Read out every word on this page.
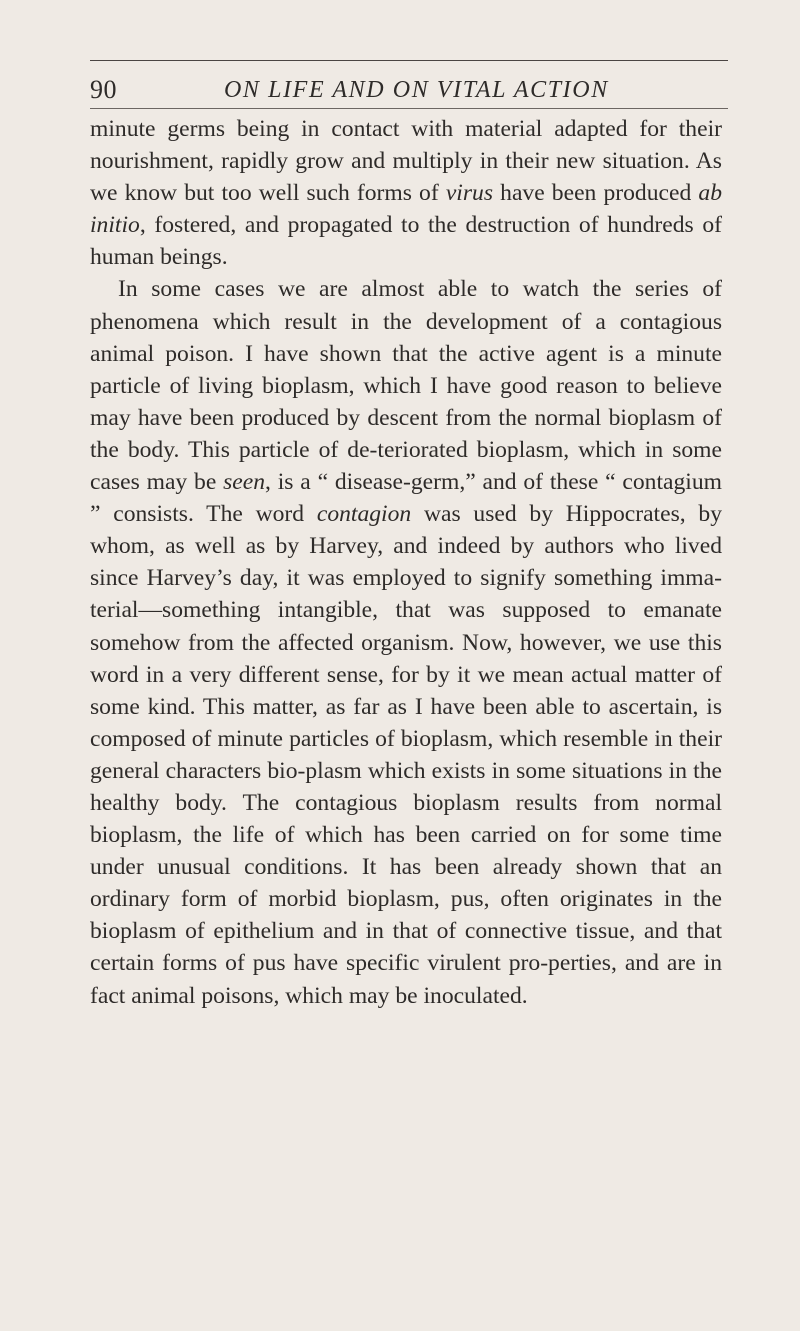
90	ON LIFE AND ON VITAL ACTION

minute germs being in contact with material adapted for their nourishment, rapidly grow and multiply in their new situation. As we know but too well such forms of virus have been produced ab initio, fostered, and propagated to the destruction of hundreds of human beings.

In some cases we are almost able to watch the series of phenomena which result in the development of a contagious animal poison. I have shown that the active agent is a minute particle of living bioplasm, which I have good reason to believe may have been produced by descent from the normal bioplasm of the body. This particle of de-teriorated bioplasm, which in some cases may be seen, is a “ disease-germ,” and of these “ contagium ” consists. The word contagion was used by Hippocrates, by whom, as well as by Harvey, and indeed by authors who lived since Harvey’s day, it was employed to signify something imma-terial—something intangible, that was supposed to emanate somehow from the affected organism. Now, however, we use this word in a very different sense, for by it we mean actual matter of some kind. This matter, as far as I have been able to ascertain, is composed of minute particles of bioplasm, which resemble in their general characters bio-plasm which exists in some situations in the healthy body. The contagious bioplasm results from normal bioplasm, the life of which has been carried on for some time under unusual conditions. It has been already shown that an ordinary form of morbid bioplasm, pus, often originates in the bioplasm of epithelium and in that of connective tissue, and that certain forms of pus have specific virulent pro-perties, and are in fact animal poisons, which may be inoculated.
